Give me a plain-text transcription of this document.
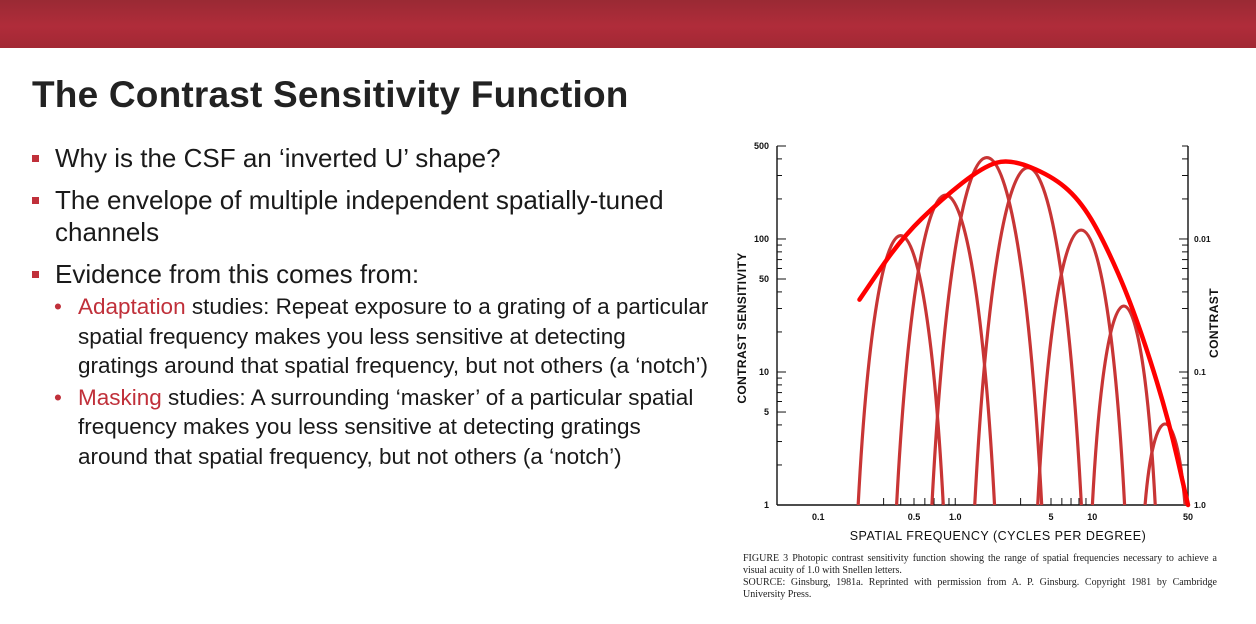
The Contrast Sensitivity Function
Why is the CSF an ‘inverted U’ shape?
The envelope of multiple independent spatially-tuned channels
Evidence from this comes from:
• Adaptation studies: Repeat exposure to a grating of a particular spatial frequency makes you less sensitive at detecting gratings around that spatial frequency, but not others (a ‘notch’)
• Masking studies: A surrounding ‘masker’ of a particular spatial frequency makes you less sensitive at detecting gratings around that spatial frequency, but not others (a ‘notch’)
1
5
10
50
100
500
0.01
0.1
1.0
0.1	0.5	1.0	5	10	50
SPATIAL FREQUENCY (CYCLES PER DEGREE)
CONTRAST SENSITIVITY	CONTRAST

FIGURE 3 Photopic contrast sensitivity function showing the range of spatial frequencies necessary to achieve a visual acuity of 1.0 with Snellen letters.

SOURCE: Ginsburg, 1981a. Reprinted with permission from A. P. Ginsburg. Copyright 1981 by Cambridge University Press.
